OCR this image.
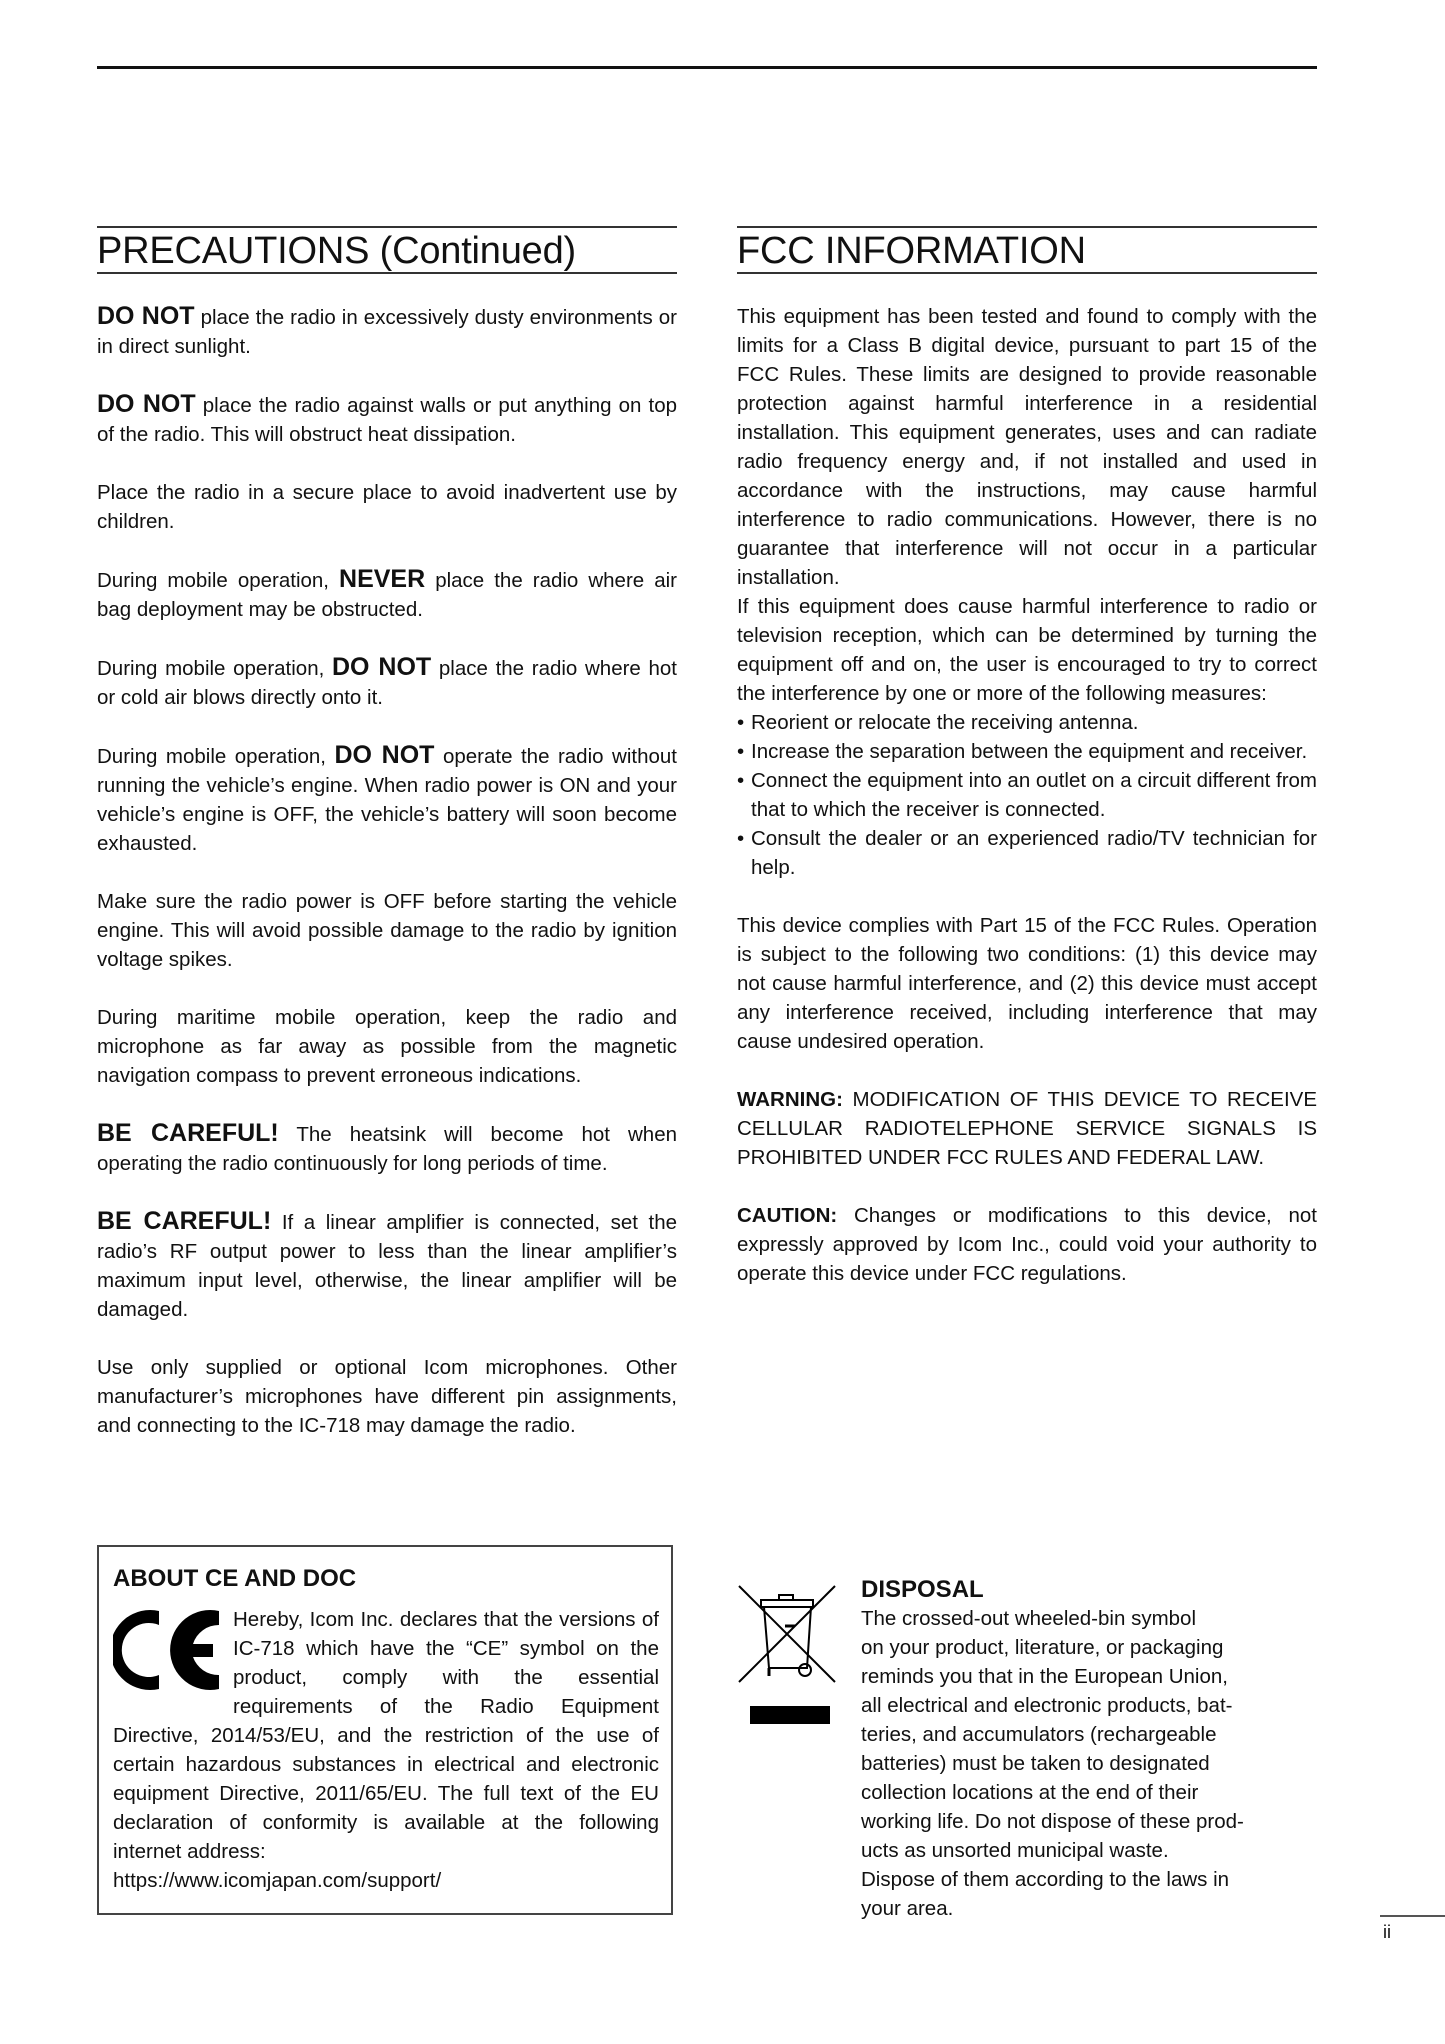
PRECAUTIONS (Continued)

DO NOT place the radio in excessively dusty environments or in direct sunlight.

DO NOT place the radio against walls or put anything on top of the radio. This will obstruct heat dissipation.

Place the radio in a secure place to avoid inadvertent use by children.

During mobile operation, NEVER place the radio where air bag deployment may be obstructed.

During mobile operation, DO NOT place the radio where hot or cold air blows directly onto it.

During mobile operation, DO NOT operate the radio without running the vehicle’s engine. When radio power is ON and your vehicle’s engine is OFF, the vehicle’s battery will soon become exhausted.

Make sure the radio power is OFF before starting the vehicle engine. This will avoid possible damage to the radio by ignition voltage spikes.

During maritime mobile operation, keep the radio and microphone as far away as possible from the magnetic navigation compass to prevent erroneous indications.

BE CAREFUL! The heatsink will become hot when operating the radio continuously for long periods of time.

BE CAREFUL! If a linear amplifier is connected, set the radio’s RF output power to less than the linear amplifier’s maximum input level, otherwise, the linear amplifier will be damaged.

Use only supplied or optional Icom microphones. Other manufacturer’s microphones have different pin assignments, and connecting to the IC-718 may damage the radio.

ABOUT CE AND DOC

Hereby, Icom Inc. declares that the versions of IC-718 which have the “CE” symbol on the product, comply with the essential requirements of the Radio Equipment Directive, 2014/53/EU, and the restriction of the use of certain hazardous substances in electrical and electronic equipment Directive, 2011/65/EU. The full text of the EU declaration of conformity is available at the following internet address:

https://www.icomjapan.com/support/
FCC INFORMATION

This equipment has been tested and found to comply with the limits for a Class B digital device, pursuant to part 15 of the FCC Rules. These limits are designed to provide reasonable protection against harmful interference in a residential installation. This equipment generates, uses and can radiate radio frequency energy and, if not installed and used in accordance with the instructions, may cause harmful interference to radio communications. However, there is no guarantee that interference will not occur in a particular installation.

If this equipment does cause harmful interference to radio or television reception, which can be determined by turning the equipment off and on, the user is encouraged to try to correct the interference by one or more of the following measures:

• Reorient or relocate the receiving antenna.
• Increase the separation between the equipment and receiver.
• Connect the equipment into an outlet on a circuit different from that to which the receiver is connected.
• Consult the dealer or an experienced radio/TV technician for help.

This device complies with Part 15 of the FCC Rules. Operation is subject to the following two conditions: (1) this device may not cause harmful interference, and (2) this device must accept any interference received, including interference that may cause undesired operation.

WARNING: MODIFICATION OF THIS DEVICE TO RECEIVE CELLULAR RADIOTELEPHONE SERVICE SIGNALS IS PROHIBITED UNDER FCC RULES AND FEDERAL LAW.

CAUTION: Changes or modifications to this device, not expressly approved by Icom Inc., could void your authority to operate this device under FCC regulations.

DISPOSAL
The crossed-out wheeled-bin symbol
on your product, literature, or packaging
reminds you that in the European Union,
all electrical and electronic products, bat-
teries, and accumulators (rechargeable
batteries) must be taken to designated
collection locations at the end of their
working life. Do not dispose of these prod-
ucts as unsorted municipal waste.
Dispose of them according to the laws in
your area.
ii
